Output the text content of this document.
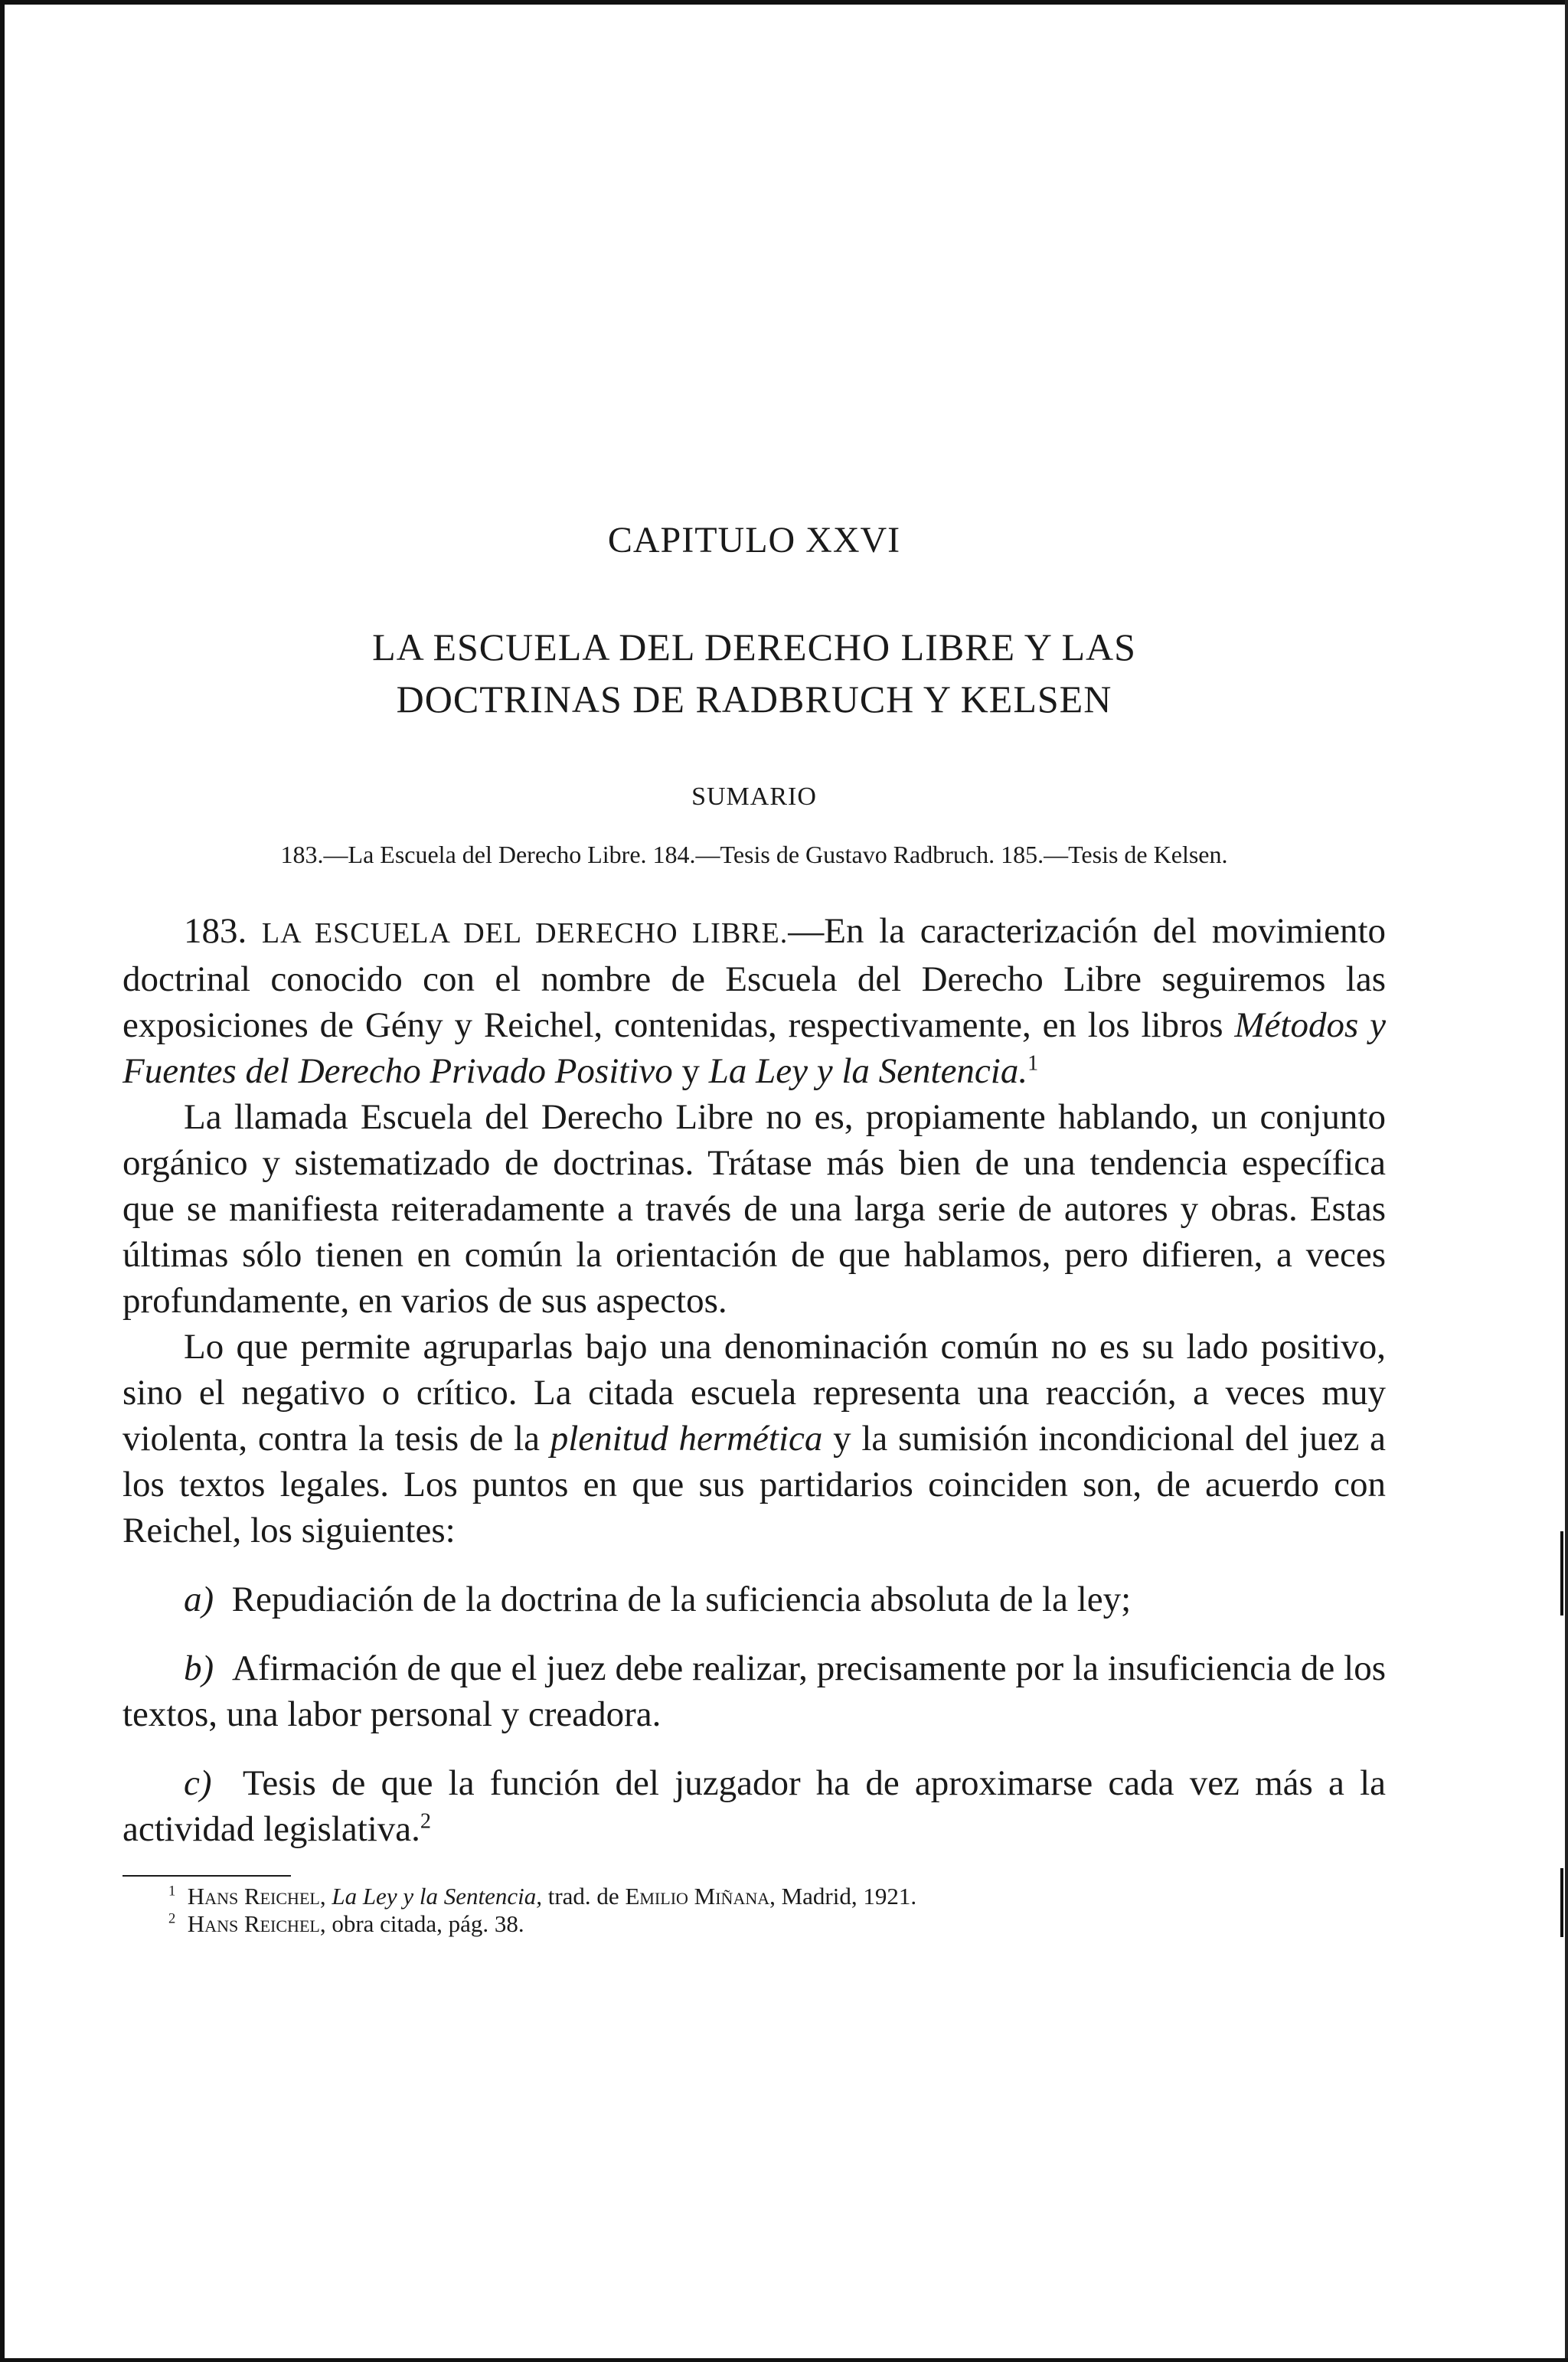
CAPITULO XXVI
LA ESCUELA DEL DERECHO LIBRE Y LAS
DOCTRINAS DE RADBRUCH Y KELSEN
SUMARIO
183.—La Escuela del Derecho Libre. 184.—Tesis de Gustavo Radbruch. 185.—Tesis de Kelsen.

183. LA ESCUELA DEL DERECHO LIBRE.—En la caracterización del movimiento doctrinal conocido con el nombre de Escuela del Derecho Libre seguiremos las exposiciones de Gény y Reichel, contenidas, respectivamente, en los libros Métodos y Fuentes del Derecho Privado Positivo y La Ley y la Sentencia.$^1$

La llamada Escuela del Derecho Libre no es, propiamente hablando, un conjunto orgánico y sistematizado de doctrinas. Trátase más bien de una tendencia específica que se manifiesta reiteradamente a través de una larga serie de autores y obras. Estas últimas sólo tienen en común la orientación de que hablamos, pero difieren, a veces profundamente, en varios de sus aspectos.

Lo que permite agruparlas bajo una denominación común no es su lado positivo, sino el negativo o crítico. La citada escuela representa una reacción, a veces muy violenta, contra la tesis de la plenitud hermética y la sumisión incondicional del juez a los textos legales. Los puntos en que sus partidarios coinciden son, de acuerdo con Reichel, los siguientes:

a) Repudiación de la doctrina de la suficiencia absoluta de la ley;

b) Afirmación de que el juez debe realizar, precisamente por la insuficiencia de los textos, una labor personal y creadora.

c) Tesis de que la función del juzgador ha de aproximarse cada vez más a la actividad legislativa.$^2$

$^1$ Hans Reichel, La Ley y la Sentencia, trad. de Emilio Miñana, Madrid, 1921.
$^2$ Hans Reichel, obra citada, pág. 38.
